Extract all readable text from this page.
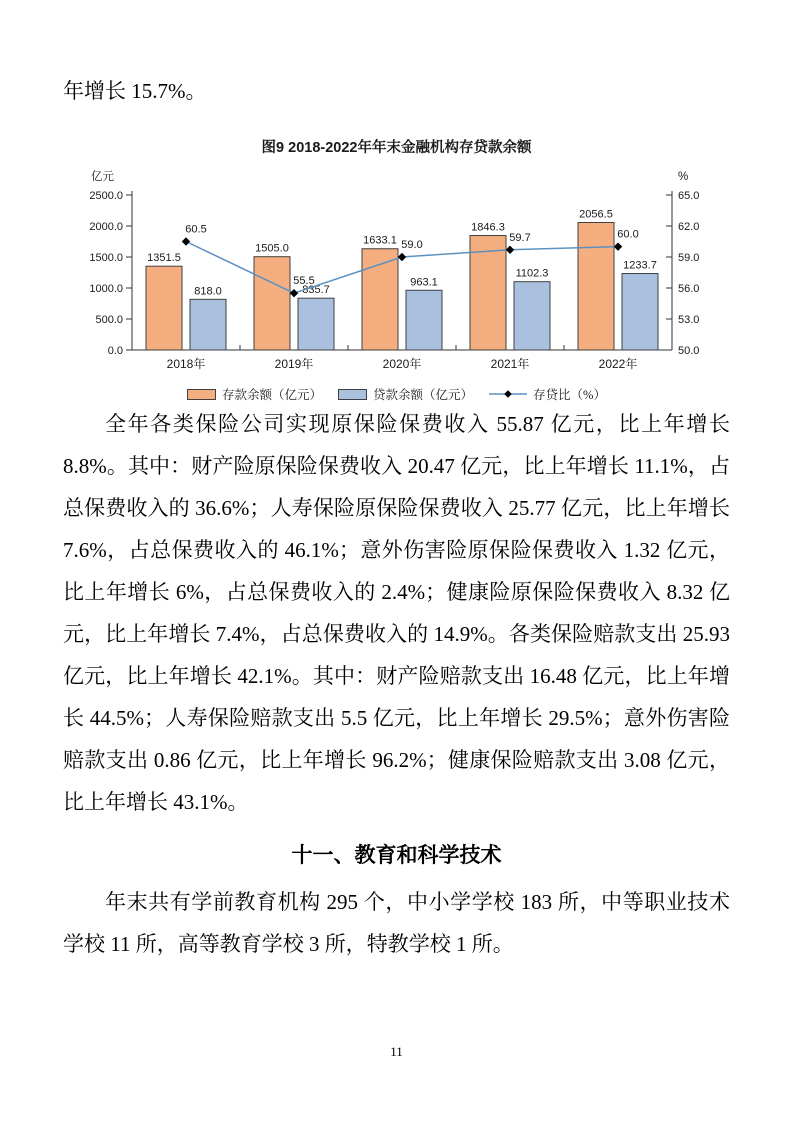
年增长 15.7%。

图9 2018-2022年年末金融机构存贷款余额
亿元	%
0.0
500.0
1000.0
1500.0
2000.0
2500.0
50.0
53.0
56.0
59.0
62.0
65.0
1351.5
1505.0
1633.1
1846.3
2056.5
818.0	835.7
963.1
1102.3
1233.7
60.5
55.5
59.0
59.7	60.0
2018年	2019年	2020年	2021年	2022年
存款余额（亿元）	贷款余额（亿元）	存贷比（%）

全年各类保险公司实现原保险保费收入 55.87 亿元，比上年增长 8.8%。其中：财产险原保险保费收入 20.47 亿元，比上年增长 11.1%，占总保费收入的 36.6%；人寿保险原保险保费收入 25.77 亿元，比上年增长 7.6%，占总保费收入的 46.1%；意外伤害险原保险保费收入 1.32 亿元，比上年增长 6%，占总保费收入的 2.4%；健康险原保险保费收入 8.32 亿元，比上年增长 7.4%，占总保费收入的 14.9%。各类保险赔款支出 25.93 亿元，比上年增长 42.1%。其中：财产险赔款支出 16.48 亿元，比上年增长 44.5%；人寿保险赔款支出 5.5 亿元，比上年增长 29.5%；意外伤害险赔款支出 0.86 亿元，比上年增长 96.2%；健康保险赔款支出 3.08 亿元，比上年增长 43.1%。

十一、教育和科学技术

年末共有学前教育机构 295 个，中小学学校 183 所，中等职业技术学校 11 所，高等教育学校 3 所，特教学校 1 所。

11
